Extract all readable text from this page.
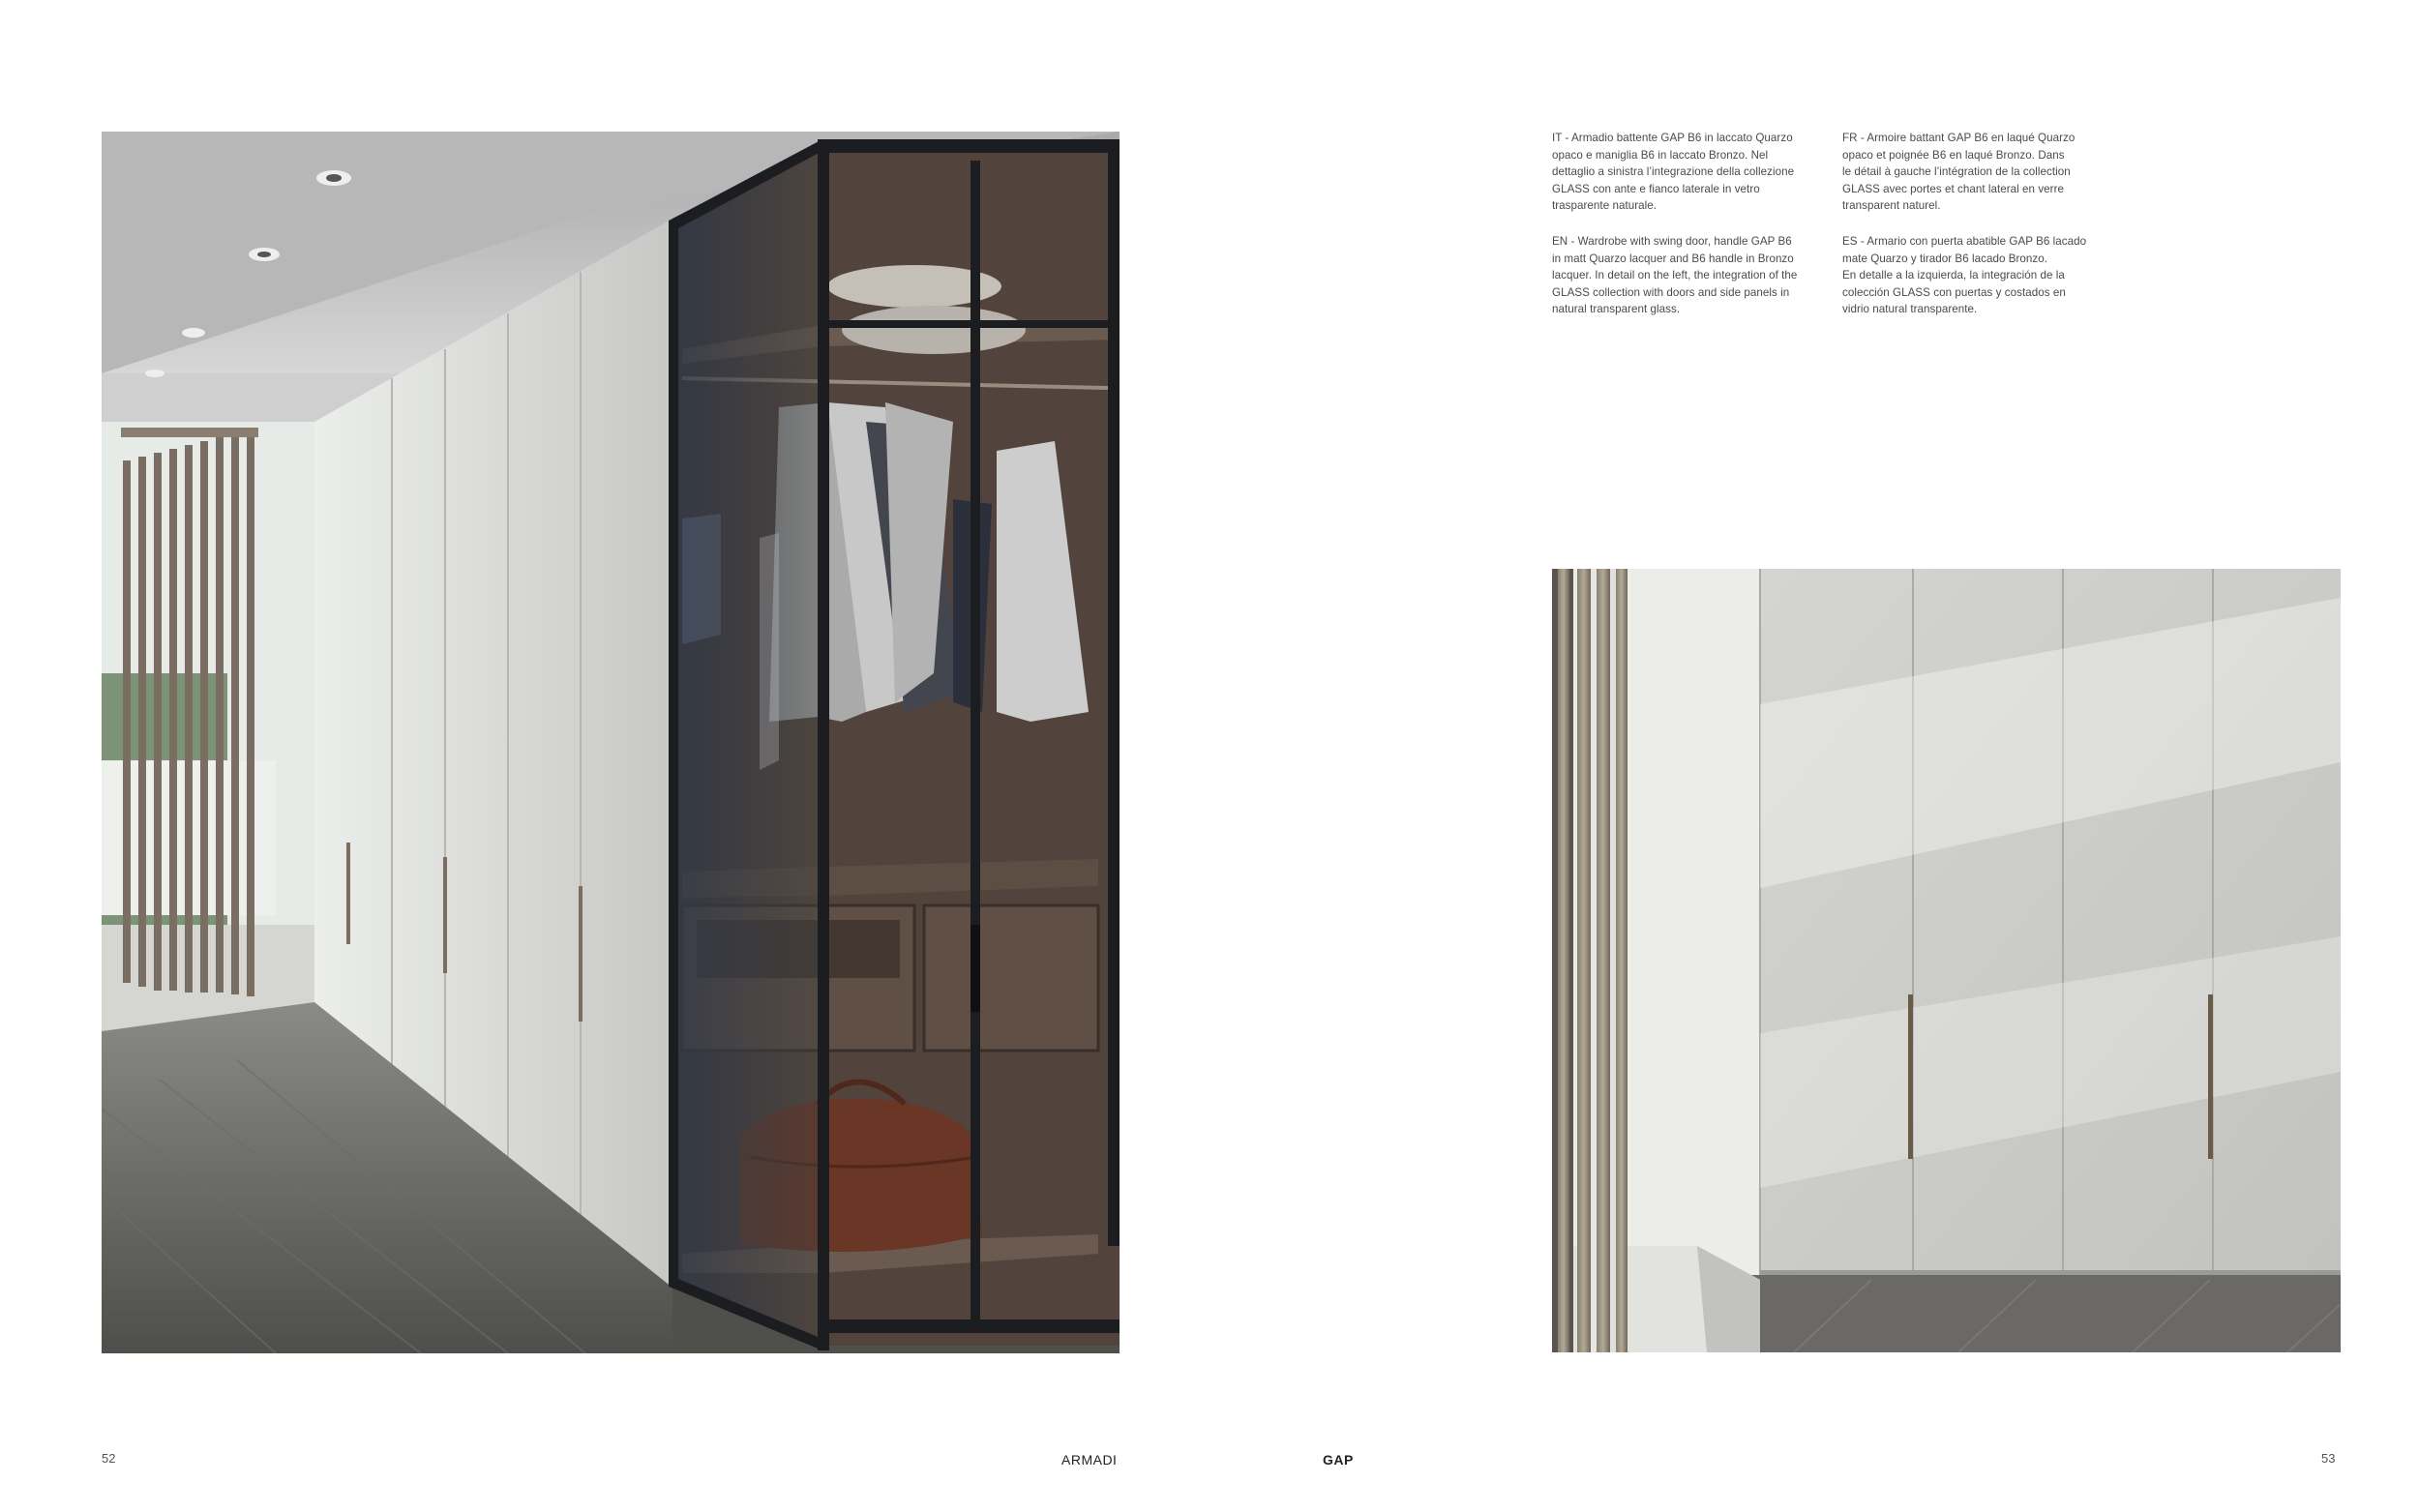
IT - Armadio battente GAP B6 in laccato Quarzo
opaco e maniglia B6 in laccato Bronzo. Nel
dettaglio a sinistra l’integrazione della collezione
GLASS con ante e fianco laterale in vetro
trasparente naturale.
EN - Wardrobe with swing door, handle GAP B6
in matt Quarzo lacquer and B6 handle in Bronzo
lacquer. In detail on the left, the integration of the
GLASS collection with doors and side panels in
natural transparent glass.
FR - Armoire battant GAP B6 en laqué Quarzo
opaco et poignée B6 en laqué Bronzo. Dans
le détail à gauche l’intégration de la collection
GLASS avec portes et chant lateral en verre
transparent naturel.
ES - Armario con puerta abatible GAP B6 lacado
mate Quarzo y tirador B6 lacado Bronzo.
En detalle a la izquierda, la integración de la
colección GLASS con puertas y costados en
vidrio natural transparente.
52	ARMADI	GAP	53
